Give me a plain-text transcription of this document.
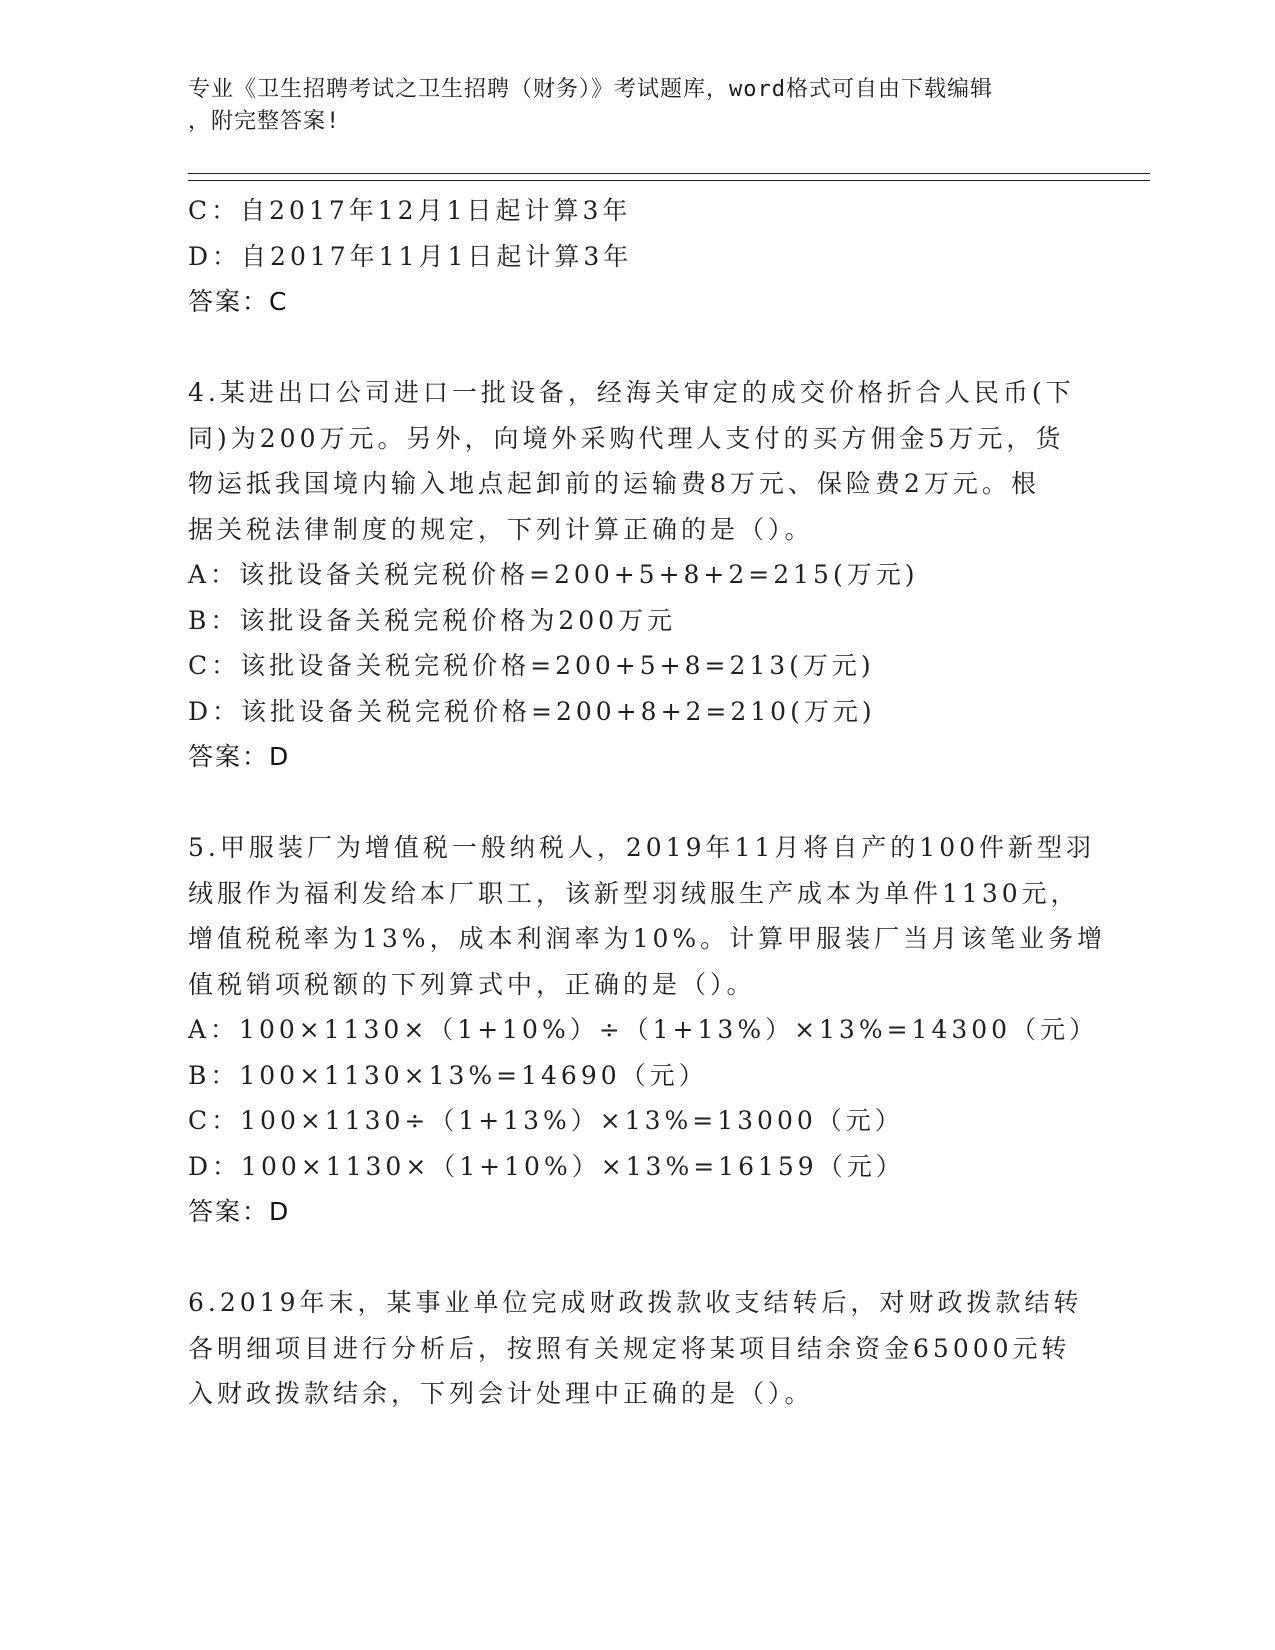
专业《卫生招聘考试之卫生招聘（财务）》考试题库，word格式可自由下载编辑
，附完整答案!
C：自2017年12月1日起计算3年
D：自2017年11月1日起计算3年
答案：C
4.某进出口公司进口一批设备，经海关审定的成交价格折合人民币(下
同)为200万元。另外，向境外采购代理人支付的买方佣金5万元，货
物运抵我国境内输入地点起卸前的运输费8万元、保险费2万元。根
据关税法律制度的规定，下列计算正确的是（）。
A：该批设备关税完税价格=200+5+8+2=215(万元)
B：该批设备关税完税价格为200万元
C：该批设备关税完税价格=200+5+8=213(万元)
D：该批设备关税完税价格=200+8+2=210(万元)
答案：D
5.甲服装厂为增值税一般纳税人，2019年11月将自产的100件新型羽
绒服作为福利发给本厂职工，该新型羽绒服生产成本为单件1130元，
增值税税率为13%，成本利润率为10%。计算甲服装厂当月该笔业务增
值税销项税额的下列算式中，正确的是（）。
A：100×1130×（1+10%）÷（1+13%）×13%=14300（元）
B：100×1130×13%=14690（元）
C：100×1130÷（1+13%）×13%=13000（元）
D：100×1130×（1+10%）×13%=16159（元）
答案：D
6.2019年末，某事业单位完成财政拨款收支结转后，对财政拨款结转
各明细项目进行分析后，按照有关规定将某项目结余资金65000元转
入财政拨款结余，下列会计处理中正确的是（）。
